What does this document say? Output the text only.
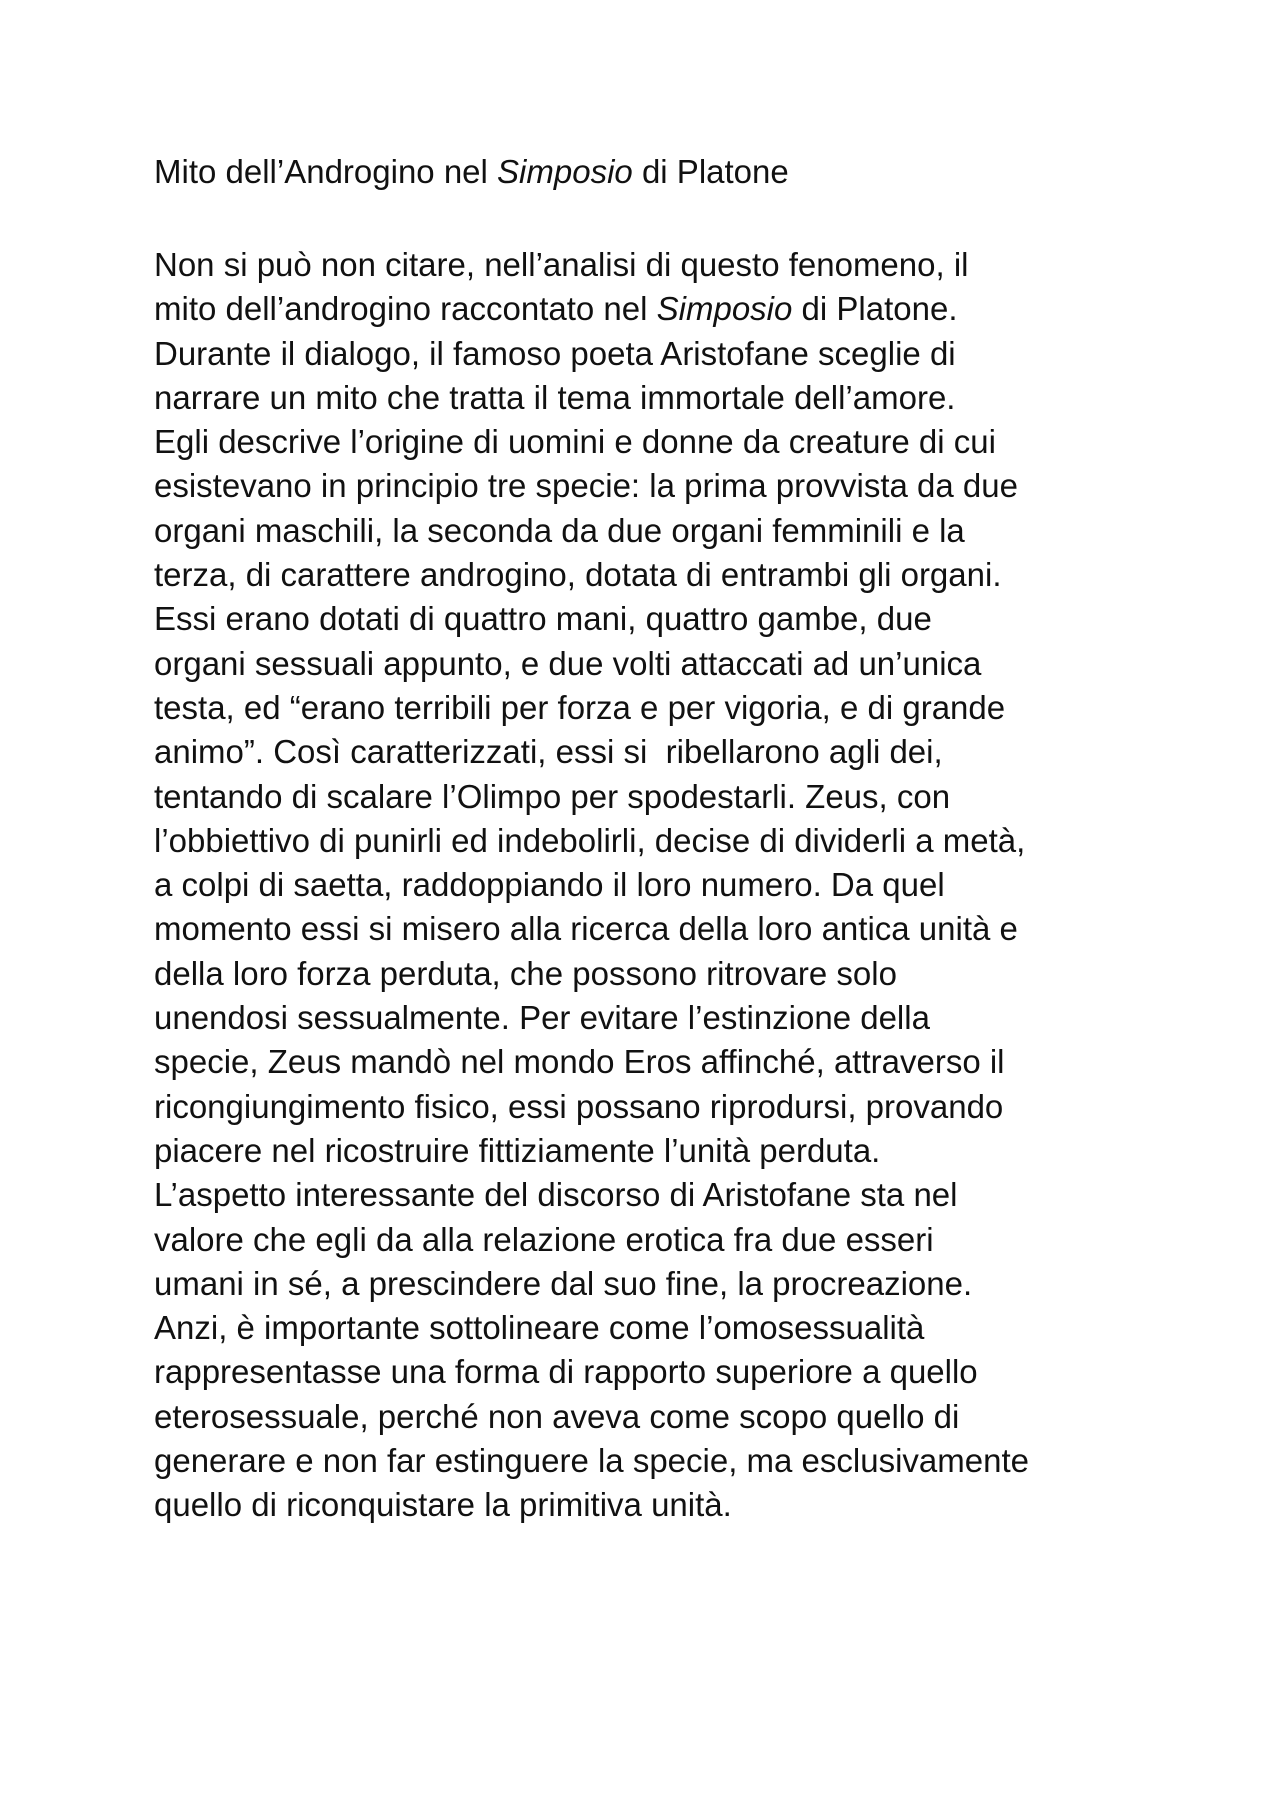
Mito dell’Androgino nel Simposio di Platone
Non si può non citare, nell’analisi di questo fenomeno, il
mito dell’androgino raccontato nel Simposio di Platone.
Durante il dialogo, il famoso poeta Aristofane sceglie di
narrare un mito che tratta il tema immortale dell’amore.
Egli descrive l’origine di uomini e donne da creature di cui
esistevano in principio tre specie: la prima provvista da due
organi maschili, la seconda da due organi femminili e la
terza, di carattere androgino, dotata di entrambi gli organi.
Essi erano dotati di quattro mani, quattro gambe, due
organi sessuali appunto, e due volti attaccati ad un’unica
testa, ed “erano terribili per forza e per vigoria, e di grande
animo”. Così caratterizzati, essi si  ribellarono agli dei,
tentando di scalare l’Olimpo per spodestarli. Zeus, con
l’obbiettivo di punirli ed indebolirli, decise di dividerli a metà,
a colpi di saetta, raddoppiando il loro numero. Da quel
momento essi si misero alla ricerca della loro antica unità e
della loro forza perduta, che possono ritrovare solo
unendosi sessualmente. Per evitare l’estinzione della
specie, Zeus mandò nel mondo Eros affinché, attraverso il
ricongiungimento fisico, essi possano riprodursi, provando
piacere nel ricostruire fittiziamente l’unità perduta.
L’aspetto interessante del discorso di Aristofane sta nel
valore che egli da alla relazione erotica fra due esseri
umani in sé, a prescindere dal suo fine, la procreazione.
Anzi, è importante sottolineare come l’omosessualità
rappresentasse una forma di rapporto superiore a quello
eterosessuale, perché non aveva come scopo quello di
generare e non far estinguere la specie, ma esclusivamente
quello di riconquistare la primitiva unità.
